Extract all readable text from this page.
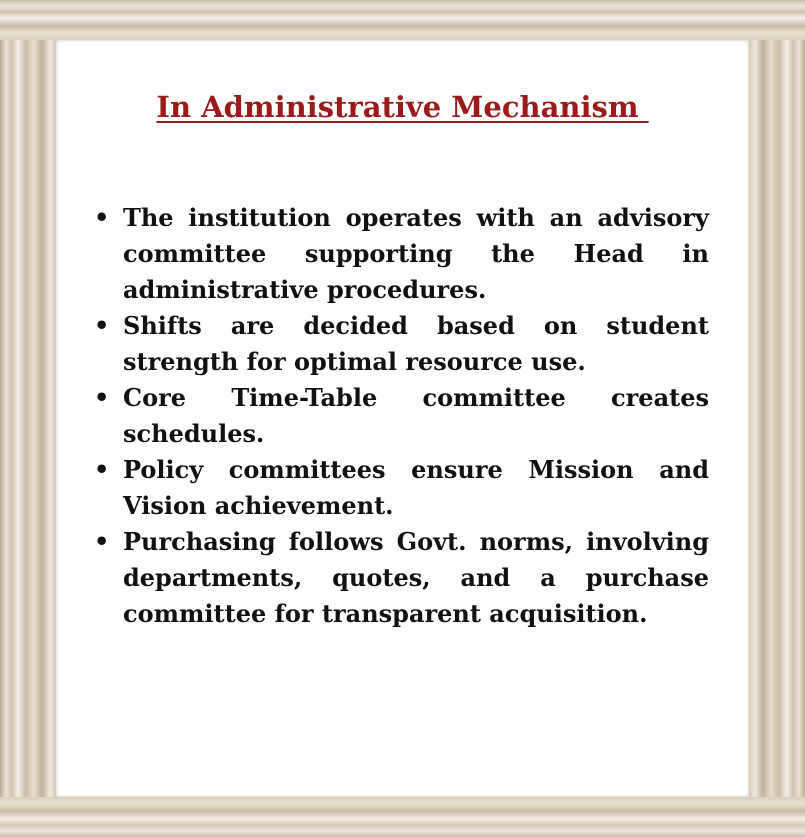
In Administrative Mechanism
• The institution operates with an advisory committee supporting the Head in administrative procedures.
• Shifts are decided based on student strength for optimal resource use.
• Core Time-Table committee creates schedules.
• Policy committees ensure Mission and Vision achievement.
• Purchasing follows Govt. norms, involving departments, quotes, and a purchase committee for transparent acquisition.
